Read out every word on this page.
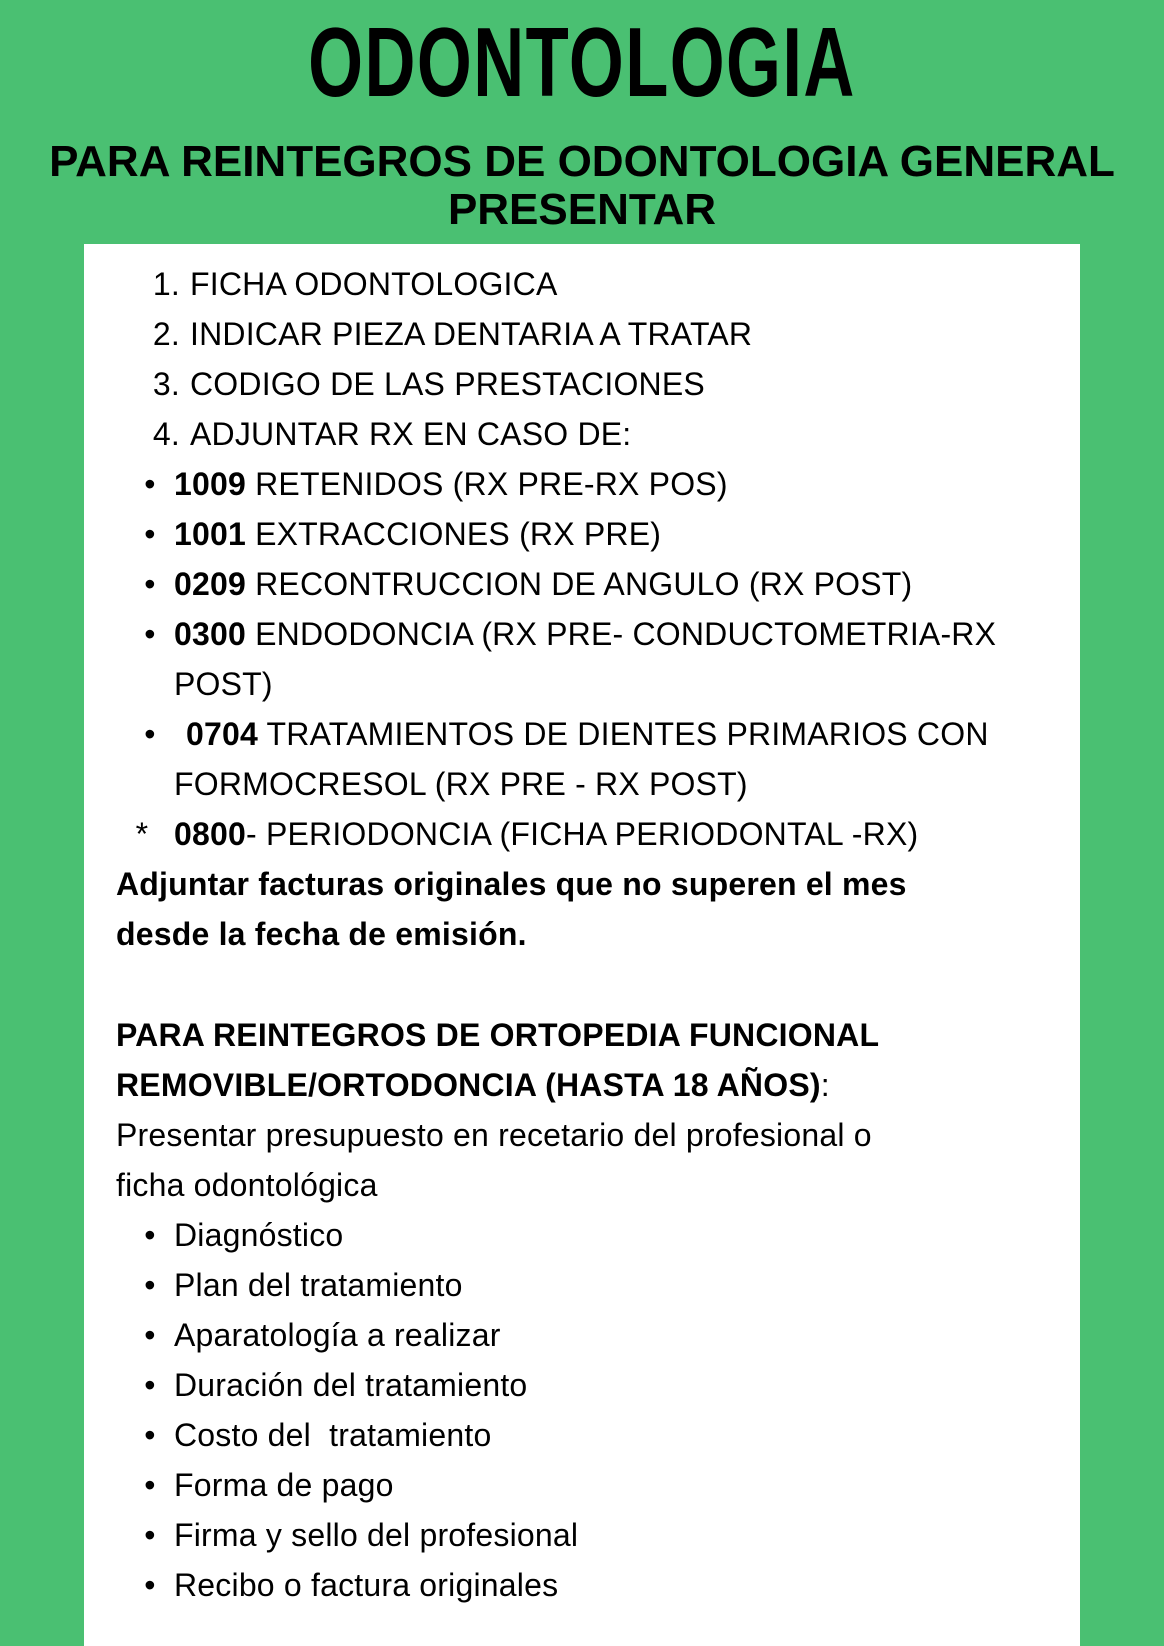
ODONTOLOGIA
PARA REINTEGROS DE ODONTOLOGIA GENERAL
PRESENTAR
1. FICHA ODONTOLOGICA
2. INDICAR PIEZA DENTARIA A TRATAR
3. CODIGO DE LAS PRESTACIONES
4. ADJUNTAR RX EN CASO DE:
• 1009 RETENIDOS (RX PRE-RX POS)
• 1001 EXTRACCIONES (RX PRE)
• 0209 RECONTRUCCION DE ANGULO (RX POST)
• 0300 ENDODONCIA (RX PRE- CONDUCTOMETRIA-RX
POST)
• 0704 TRATAMIENTOS DE DIENTES PRIMARIOS CON
FORMOCRESOL (RX PRE - RX POST)
* 0800- PERIODONCIA (FICHA PERIODONTAL -RX)
Adjuntar facturas originales que no superen el mes
desde la fecha de emisión.
PARA REINTEGROS DE ORTOPEDIA FUNCIONAL
REMOVIBLE/ORTODONCIA (HASTA 18 AÑOS):
Presentar presupuesto en recetario del profesional o
ficha odontológica
• Diagnóstico
• Plan del tratamiento
• Aparatología a realizar
• Duración del tratamiento
• Costo del  tratamiento
• Forma de pago
• Firma y sello del profesional
• Recibo o factura originales
